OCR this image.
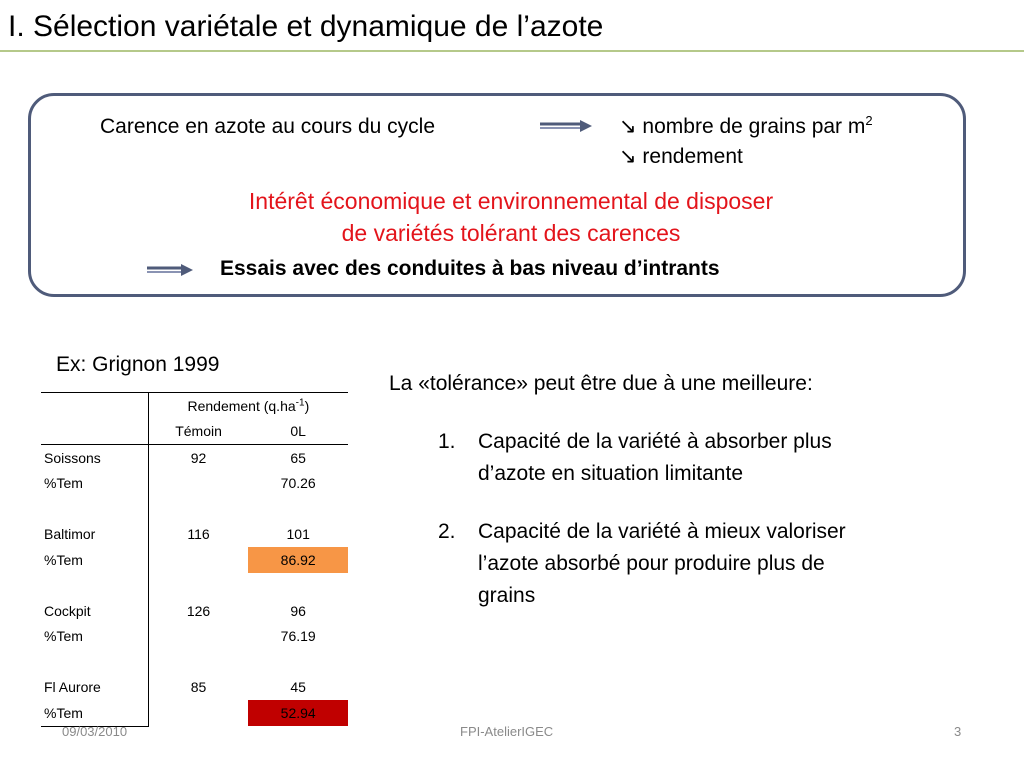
I. Sélection variétale et dynamique de l’azote
Carence en azote au cours du cycle	↘ nombre de grains par $m^2$
↘ rendement
Intérêt économique et environnemental de disposer
de variétés tolérant des carences
Essais avec des conduites à bas niveau d’intrants
Ex: Grignon 1999
	Rendement $(q.ha^{-1})$	
	Témoin	0L
Soissons	92	65
%Tem		70.26

Baltimor	116	101
%Tem		86.92

Cockpit	126	96
%Tem		76.19

Fl Aurore	85	45
%Tem		52.94
La «tolérance» peut être due à une meilleure:
1. Capacité de la variété à absorber plus
d’azote en situation limitante
2. Capacité de la variété à mieux valoriser
l’azote absorbé pour produire plus de
grains
09/03/2010	FPI-AtelierIGEC	3
